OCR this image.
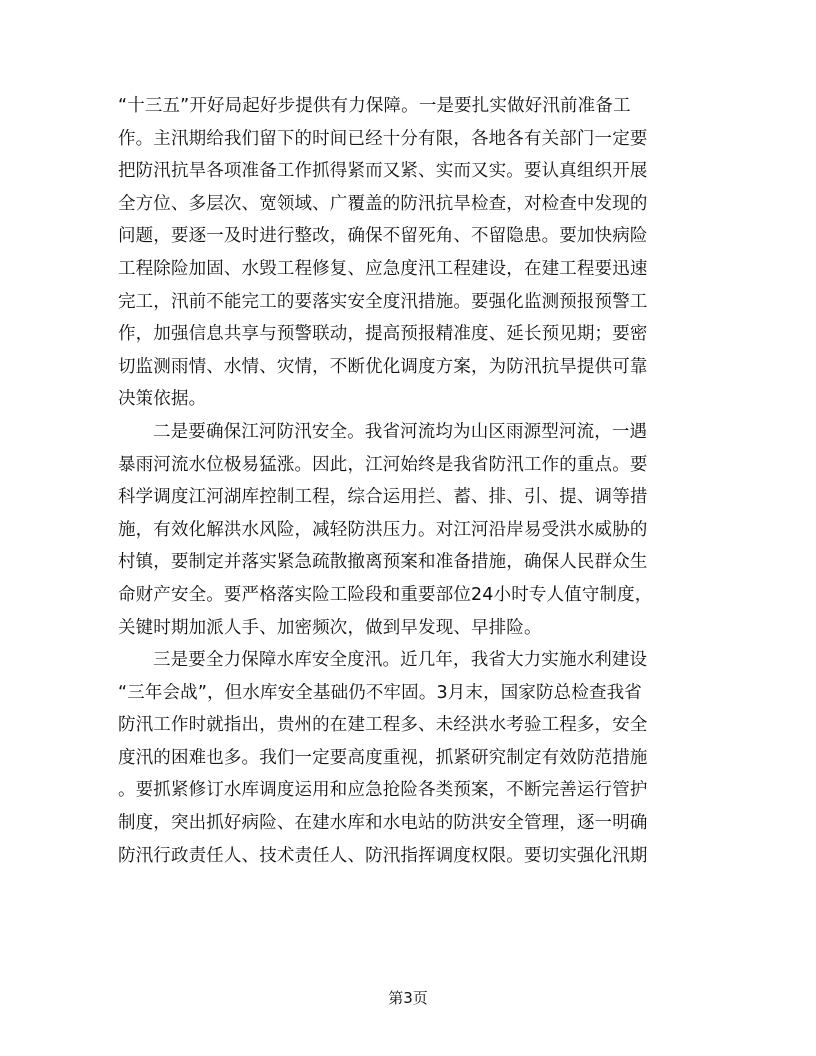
“十三五”开好局起好步提供有力保障。一是要扎实做好汛前准备工
作。主汛期给我们留下的时间已经十分有限，各地各有关部门一定要
把防汛抗旱各项准备工作抓得紧而又紧、实而又实。要认真组织开展
全方位、多层次、宽领域、广覆盖的防汛抗旱检查，对检查中发现的
问题，要逐一及时进行整改，确保不留死角、不留隐患。要加快病险
工程除险加固、水毁工程修复、应急度汛工程建设，在建工程要迅速
完工，汛前不能完工的要落实安全度汛措施。要强化监测预报预警工
作，加强信息共享与预警联动，提高预报精准度、延长预见期；要密
切监测雨情、水情、灾情，不断优化调度方案，为防汛抗旱提供可靠
决策依据。
二是要确保江河防汛安全。我省河流均为山区雨源型河流，一遇
暴雨河流水位极易猛涨。因此，江河始终是我省防汛工作的重点。要
科学调度江河湖库控制工程，综合运用拦、蓄、排、引、提、调等措
施，有效化解洪水风险，减轻防洪压力。对江河沿岸易受洪水威胁的
村镇，要制定并落实紧急疏散撤离预案和准备措施，确保人民群众生
命财产安全。要严格落实险工险段和重要部位24小时专人值守制度，
关键时期加派人手、加密频次，做到早发现、早排险。
三是要全力保障水库安全度汛。近几年，我省大力实施水利建设
“三年会战”，但水库安全基础仍不牢固。3月末，国家防总检查我省
防汛工作时就指出，贵州的在建工程多、未经洪水考验工程多，安全
度汛的困难也多。我们一定要高度重视，抓紧研究制定有效防范措施
。要抓紧修订水库调度运用和应急抢险各类预案，不断完善运行管护
制度，突出抓好病险、在建水库和水电站的防洪安全管理，逐一明确
防汛行政责任人、技术责任人、防汛指挥调度权限。要切实强化汛期
第3页
